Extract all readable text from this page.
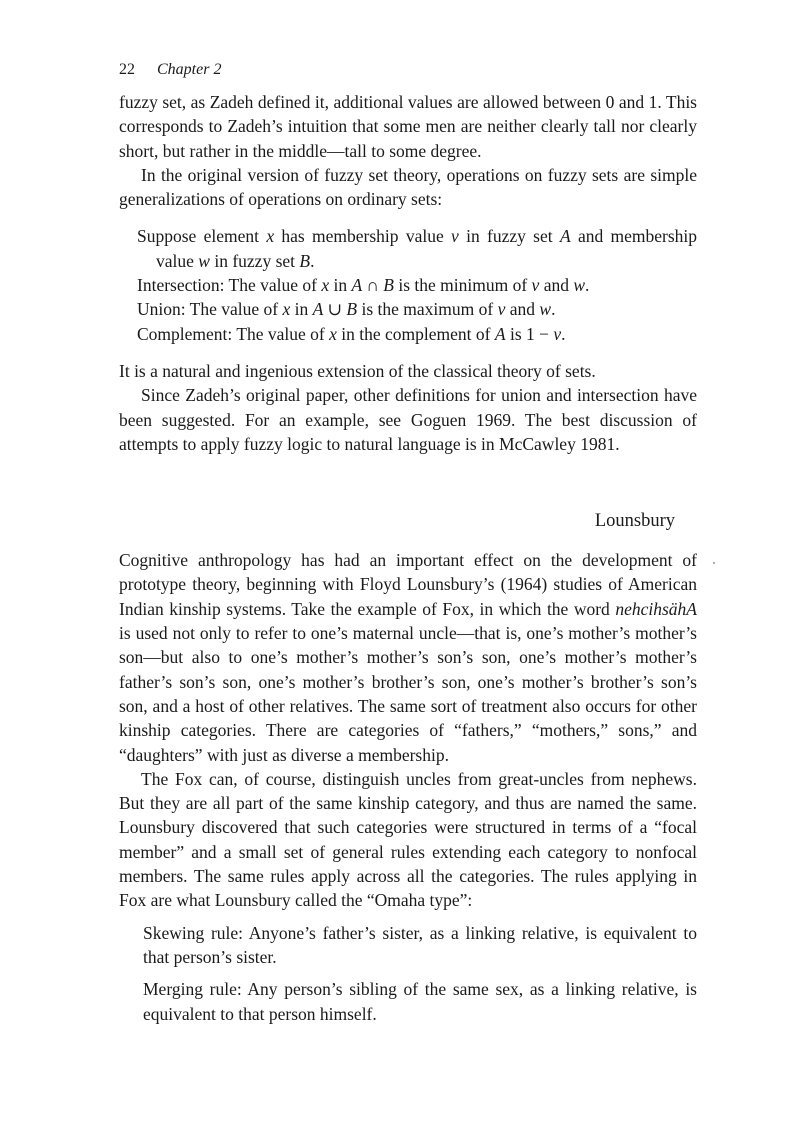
22 Chapter 2

fuzzy set, as Zadeh defined it, additional values are allowed between 0 and 1. This corresponds to Zadeh’s intuition that some men are neither clearly tall nor clearly short, but rather in the middle—tall to some degree.

In the original version of fuzzy set theory, operations on fuzzy sets are simple generalizations of operations on ordinary sets:

Suppose element x has membership value v in fuzzy set A and membership value w in fuzzy set B.
Intersection: The value of x in A ∩ B is the minimum of v and w.
Union: The value of x in A ∪ B is the maximum of v and w.
Complement: The value of x in the complement of A is 1 − v.

It is a natural and ingenious extension of the classical theory of sets.

Since Zadeh’s original paper, other definitions for union and intersection have been suggested. For an example, see Goguen 1969. The best discussion of attempts to apply fuzzy logic to natural language is in McCawley 1981.

Lounsbury

Cognitive anthropology has had an important effect on the development of prototype theory, beginning with Floyd Lounsbury’s (1964) studies of American Indian kinship systems. Take the example of Fox, in which the word nehcihsähA is used not only to refer to one’s maternal uncle—that is, one’s mother’s mother’s son—but also to one’s mother’s mother’s son’s son, one’s mother’s mother’s father’s son’s son, one’s mother’s brother’s son, one’s mother’s brother’s son’s son, and a host of other relatives. The same sort of treatment also occurs for other kinship categories. There are categories of “fathers,” “mothers,” sons,” and “daughters” with just as diverse a membership.

The Fox can, of course, distinguish uncles from great-uncles from nephews. But they are all part of the same kinship category, and thus are named the same. Lounsbury discovered that such categories were structured in terms of a “focal member” and a small set of general rules extending each category to nonfocal members. The same rules apply across all the categories. The rules applying in Fox are what Lounsbury called the “Omaha type”:

Skewing rule: Anyone’s father’s sister, as a linking relative, is equivalent to that person’s sister.
Merging rule: Any person’s sibling of the same sex, as a linking relative, is equivalent to that person himself.
